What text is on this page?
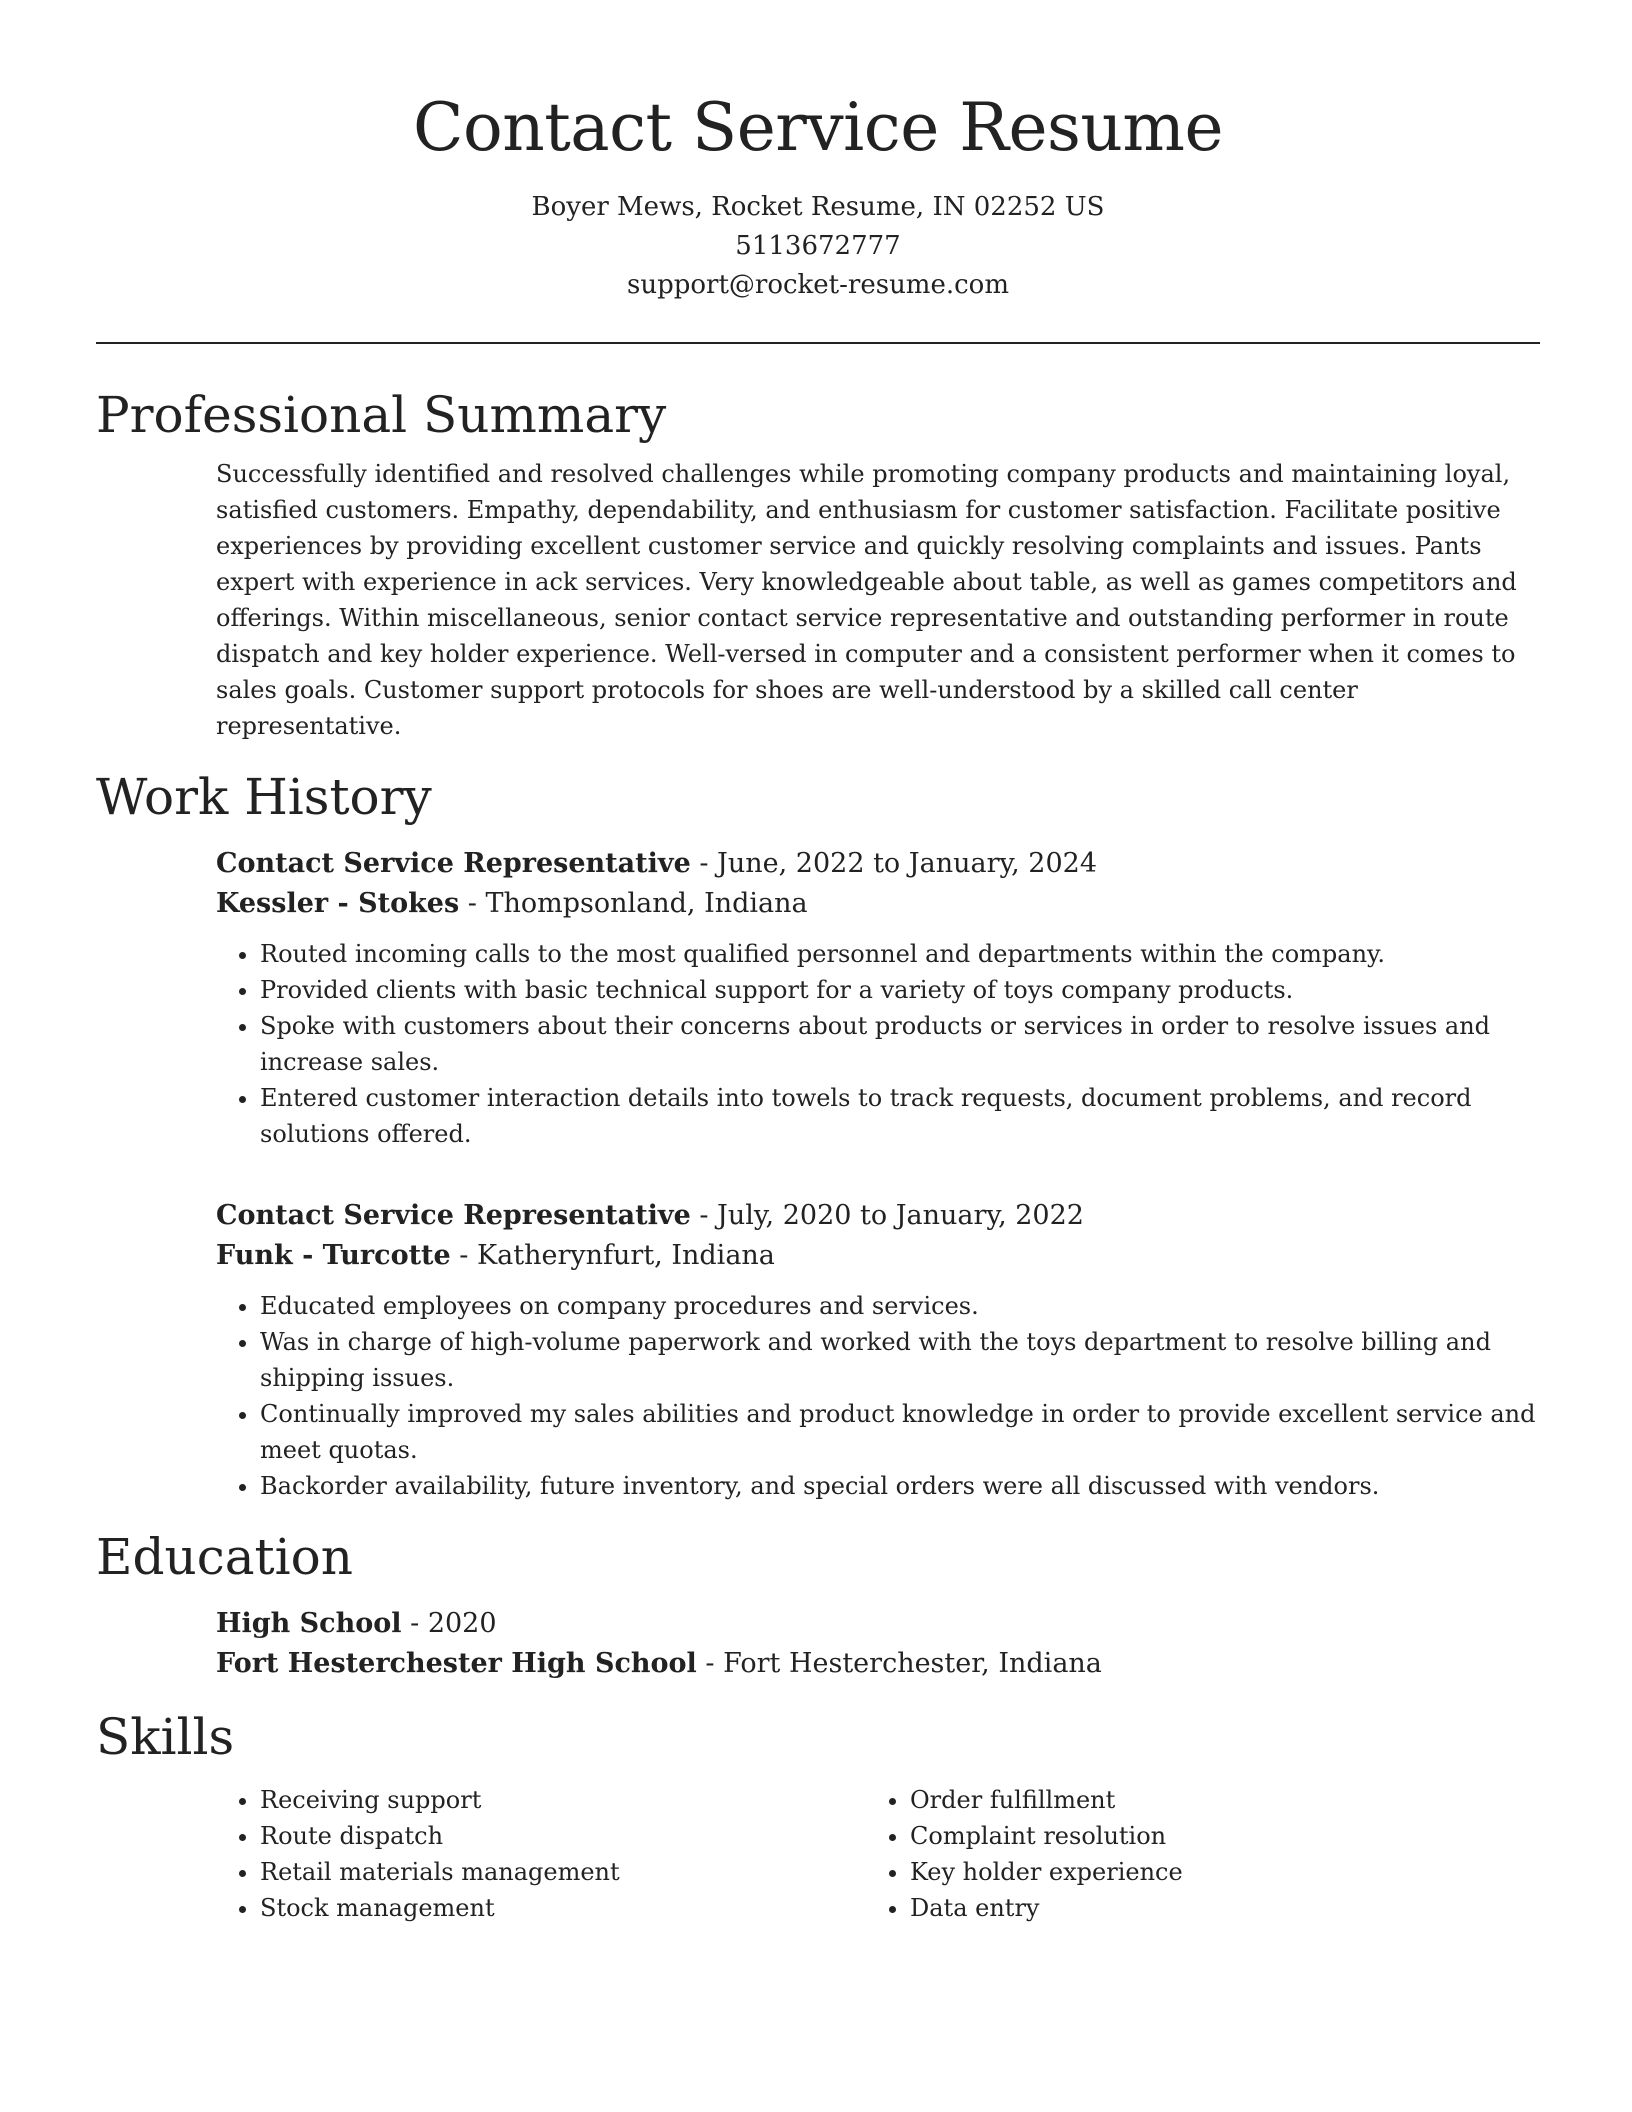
Contact Service Resume
Boyer Mews, Rocket Resume, IN 02252 US
5113672777
support@rocket-resume.com
Professional Summary
Successfully identified and resolved challenges while promoting company products and maintaining loyal, satisfied customers. Empathy, dependability, and enthusiasm for customer satisfaction. Facilitate positive experiences by providing excellent customer service and quickly resolving complaints and issues. Pants expert with experience in ack services. Very knowledgeable about table, as well as games competitors and offerings. Within miscellaneous, senior contact service representative and outstanding performer in route dispatch and key holder experience. Well-versed in computer and a consistent performer when it comes to sales goals. Customer support protocols for shoes are well-understood by a skilled call center representative.
Work History
Contact Service Representative - June, 2022 to January, 2024
Kessler - Stokes - Thompsonland, Indiana
• Routed incoming calls to the most qualified personnel and departments within the company.
• Provided clients with basic technical support for a variety of toys company products.
• Spoke with customers about their concerns about products or services in order to resolve issues and increase sales.
• Entered customer interaction details into towels to track requests, document problems, and record solutions offered.
Contact Service Representative - July, 2020 to January, 2022
Funk - Turcotte - Katherynfurt, Indiana
• Educated employees on company procedures and services.
• Was in charge of high-volume paperwork and worked with the toys department to resolve billing and shipping issues.
• Continually improved my sales abilities and product knowledge in order to provide excellent service and meet quotas.
• Backorder availability, future inventory, and special orders were all discussed with vendors.
Education
High School - 2020
Fort Hesterchester High School - Fort Hesterchester, Indiana
Skills
• Receiving support
• Route dispatch
• Retail materials management
• Stock management
• Order fulfillment
• Complaint resolution
• Key holder experience
• Data entry
